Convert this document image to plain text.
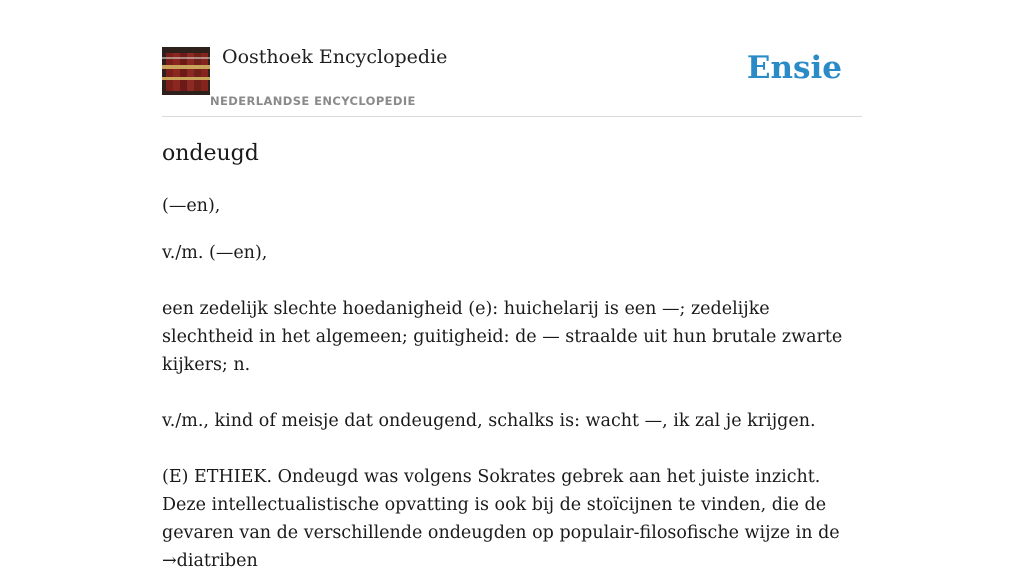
Oosthoek Encyclopedie
NEDERLANDSE ENCYCLOPEDIE
Ensie
ondeugd

(—en),

v./m. (—en),

een zedelijk slechte hoedanigheid (e): huichelarij is een —; zedelijke slechtheid in het algemeen; guitigheid: de — straalde uit hun brutale zwarte kijkers; n.

v./m., kind of meisje dat ondeugend, schalks is: wacht —, ik zal je krijgen.

(E) ETHIEK. Ondeugd was volgens Sokrates gebrek aan het juiste inzicht. Deze intellectualistische opvatting is ook bij de stoïcijnen te vinden, die de gevaren van de verschillende ondeugden op populair-filosofische wijze in de →diatriben
